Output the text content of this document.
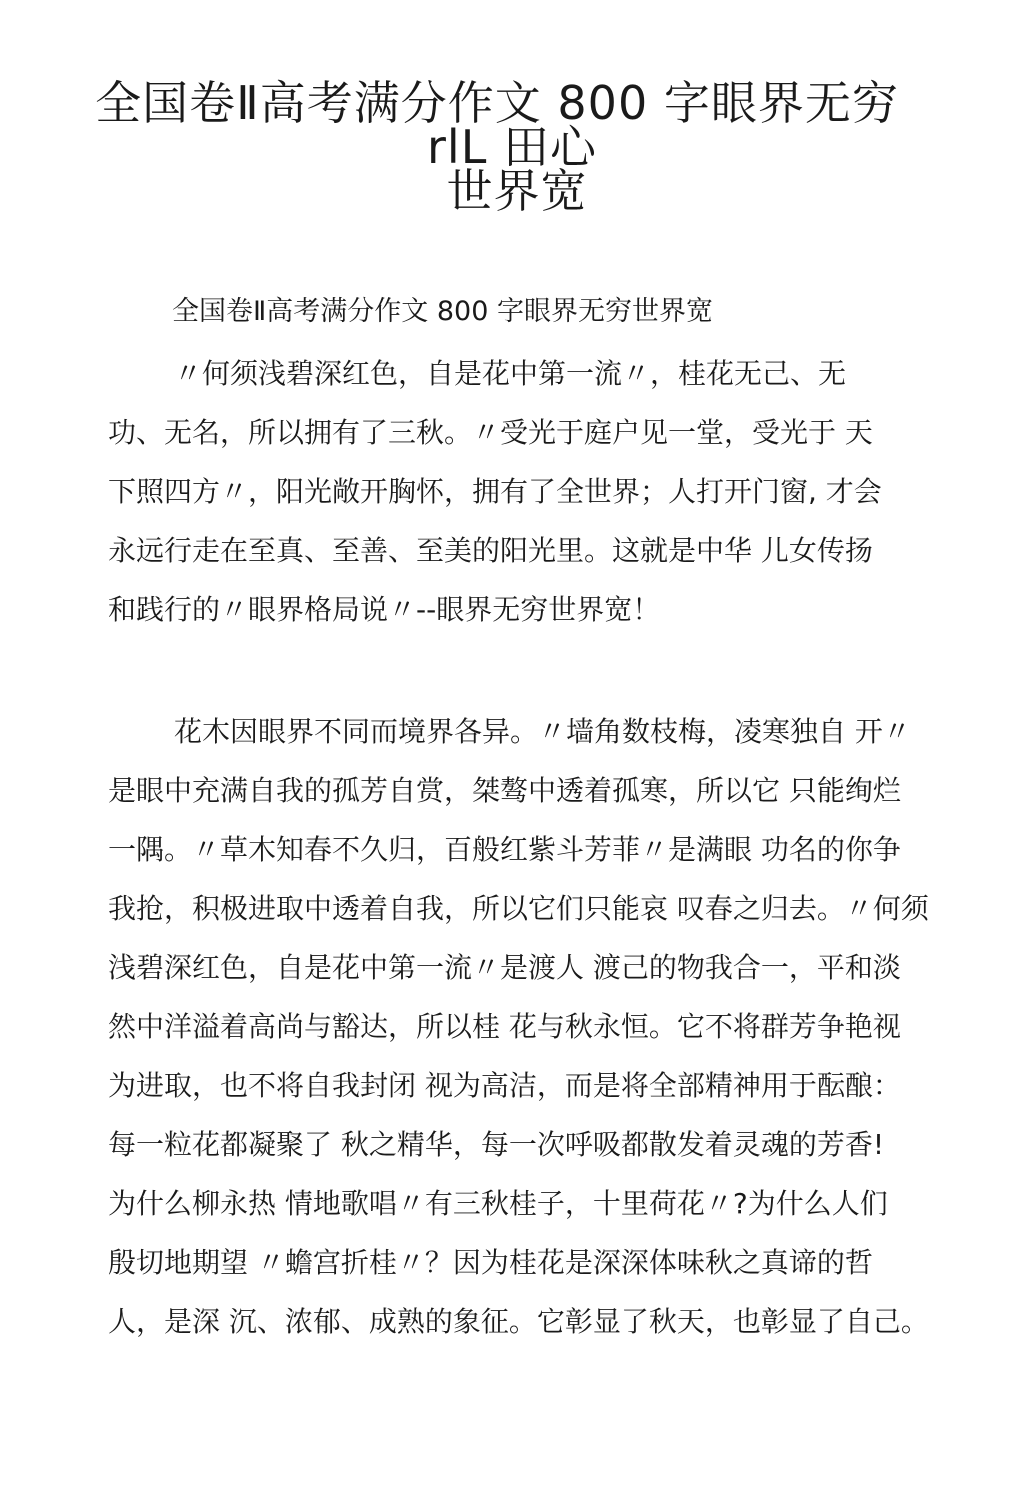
全国卷Ⅱ高考满分作文 800 字眼界无穷
rlL 田心
世界宽
全国卷Ⅱ高考满分作文 800 字眼界无穷世界宽
〃何须浅碧深红色，自是花中第一流〃，桂花无己、无
功、无名，所以拥有了三秋。〃受光于庭户见一堂，受光于 天
下照四方〃，阳光敞开胸怀，拥有了全世界；人打开门窗, 才会
永远行走在至真、至善、至美的阳光里。这就是中华 儿女传扬
和践行的〃眼界格局说〃--眼界无穷世界宽！
花木因眼界不同而境界各异。〃墙角数枝梅，凌寒独自 开〃
是眼中充满自我的孤芳自赏，桀骜中透着孤寒，所以它 只能绚烂
一隅。〃草木知春不久归，百般红紫斗芳菲〃是满眼 功名的你争
我抢，积极进取中透着自我，所以它们只能哀 叹春之归去。〃何须
浅碧深红色，自是花中第一流〃是渡人 渡己的物我合一，平和淡
然中洋溢着高尚与豁达，所以桂 花与秋永恒。它不将群芳争艳视
为进取，也不将自我封闭 视为高洁，而是将全部精神用于酝酿：
每一粒花都凝聚了 秋之精华，每一次呼吸都散发着灵魂的芳香!
为什么柳永热 情地歌唱〃有三秋桂子，十里荷花〃?为什么人们
殷切地期望 〃蟾宫折桂〃？因为桂花是深深体味秋之真谛的哲
人，是深 沉、浓郁、成熟的象征。它彰显了秋天，也彰显了自己。
